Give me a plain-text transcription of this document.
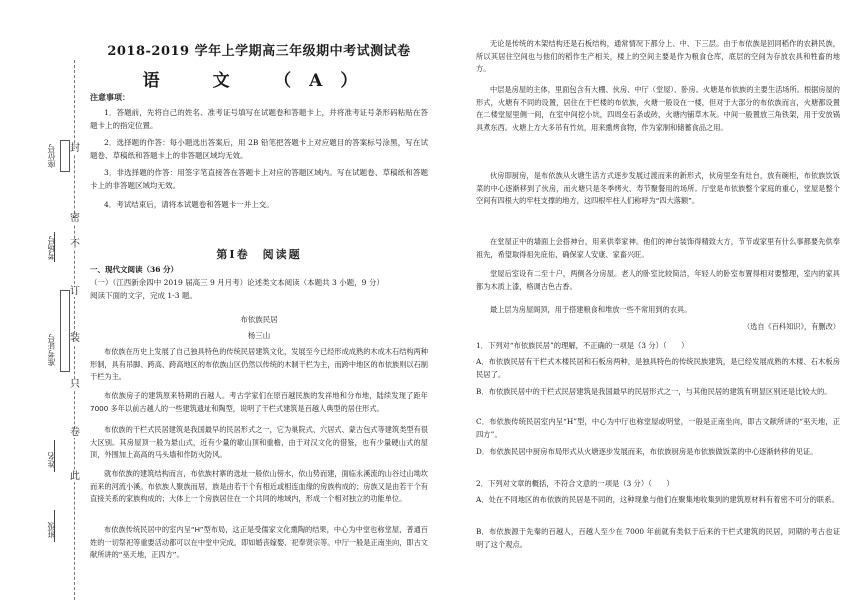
封
密
不
订
装
只
卷
此
座位号
考场号
准考证号
姓名
班级
2018-2019 学年上学期高三年级期中考试测试卷
语　文　（A）
注意事项：
1．答题前，先将自己的姓名、准考证号填写在试题卷和答题卡上，并将准考证号条形码粘贴在答题卡上的指定位置。
2．选择题的作答：每小题选出答案后，用 2B 铅笔把答题卡上对应题目的答案标号涂黑，写在试题卷、草稿纸和答题卡上的非答题区域均无效。
3．非选择题的作答：用签字笔直接答在答题卡上对应的答题区域内。写在试题卷、草稿纸和答题卡上的非答题区域均无效。
4．考试结束后，请将本试题卷和答题卡一并上交。
第Ⅰ卷　阅读题
一、现代文阅读（36 分）
（一）（江西新余四中 2019 届高三 9 月月考）论述类文本阅读（本题共 3 小题，9 分）
阅读下面的文字，完成 1-3 题。
布依族民居
杨三山
布依族在历史上发展了自己独具特色的传统民居建筑文化，发展至今已经形成成熟的木成木石结构两种形制，具有吊脚、跨高、跨高地区的布依族山区仍然以传统的木制干栏为主，而跨中地区的布依族则以石制干栏为主。
布依族房子的建筑原来特期的百越人。考古学家们在原百越民族的发祥地和分布地，陆续发现了距年 7000 多年以前古越人的一些建筑遗址和陶型，说明了干栏式建筑是百越人典型的居住形式。
布依族的干栏式民居建筑是我国最早的民居形式之一，它为巢院式、穴居式、蒙古包式等建筑类型有很大区别。其房屋顶一般为悬山式，近有少量的歇山顶和重檐，由于对汉文化的借鉴，也有少量硬山式的屋顶，外围加上高高的马头墙和作防火防风。
就布依族的建筑结构而言，布依族村寨的选址一般依山傍水，依山势而建，面临永溪流的山谷过山坳坎而来的河流小溪。布依族人聚族而居，族是由若干个有相近或相连血缘的房族构成的；房族又是由若干个有直接关系的家族构成的；大体上一个房族居住在一个共同的地域内，形成一个相对独立的功能单位。
布依族传统民居中的室内呈“H”型布局，这正是受儒家文化熏陶的结果，中心为中堂也称堂屋，普通百姓的一切祭祀等重要活动都可以在中堂中完成，即如婚丧嫁娶、祀奉贤宗等。中厅一般是正南坐向，即古文献所讲的“巫天地，正四方”。
无论是传统的木架结构还是石板结构，通常情况下都分上、中、下三层。由于布依族是回同稻作的农耕民族，所以其居住空间也与他们的稻作生产相关，楼上的空间主要是作为粮食仓库，底层的空间为存放农具和牲畜的地方。
中层是房屋的主体，里面包含有大棚、伙房、中厅（堂屋）、卧房。火塘是布依族的主要生活场所。根据房屋的形式，火塘有不同的设置，居住在干栏楼的布依族，火塘一般设在一楼，但对于大部分的布依族而言，火塘都设置在二楼堂屋里侧一间，在室中间挖小坑，四周垒石条或砖，火塘内铺草木灰。中间一般置放三角铁架，用于安放锅具煮东西。火塘上方大多吊有竹炕，用来熏烤食物，作为家制和储蓄食品之用。
伙房即厨房，是布依族从火塘生活方式逐步发展过渡而来的新形式，伙房里垒有灶台，放有碗柜，布依族饮饭菜的中心逐渐移到了伙房，而火塘只是冬季烤火、寿节聚餐用的场所。厅堂是布依族整个家庭的重心，堂屋是整个空间有四根大的牢柱支撑的地方，这四根牢柱人们称呼为“四大落额”。
在堂屋正中的墙面上会搭神台，用来供奉家神。他们的神台装饰得精致大方，节节或家里有什么事都要先供奉祖先，希望取得祖先庇佑，确保家人安康、家畜兴旺。
堂屋后室设有二至十户，两侧各分房屋。老人的卧室比较简洁，年轻人的卧室布置得相对要整理，室内的家具都为木质上漆，格调古色古香。
最上层为房屋阁顶，用于搭建粮食和堆放一些不常用到的农具。
（选自《百科知识》，有删改）
1．下列对“布依族民居”的理解，不正确的一项是（3 分）（　　）
A．布依族民居有干栏式木楼民居和石板房两种，是独具特色的传统民族建筑，是已经发展成熟的木楼、石木板房民居了。
B．布依族民居中的干栏式民居建筑是我国最早的民居形式之一，与其他民居的建筑有明显区别还是比较大的。
C．布依族传统民居室内呈“H”型，中心为中厅也称堂屋或明堂，一般是正南坐向，即古文献所讲的“巫天地，正四方”。
D．布依族民居中厨房布局形式从火塘逐步发展而来，布依族厨房是布依族做饭菜的中心逐渐转移的见证。
2．下列对文章的概括，不符合文意的一项是（3 分）（　　）
A．处在不同地区的布依族的民居是不同的，这种现象与他们在聚集地收集到的建筑原材料有着密不可分的联系。
B．布依族源于先秦的百越人，百越人至少在 7000 年前就有类似于后来的干栏式建筑的民居，同期的考古也证明了这个观点。
